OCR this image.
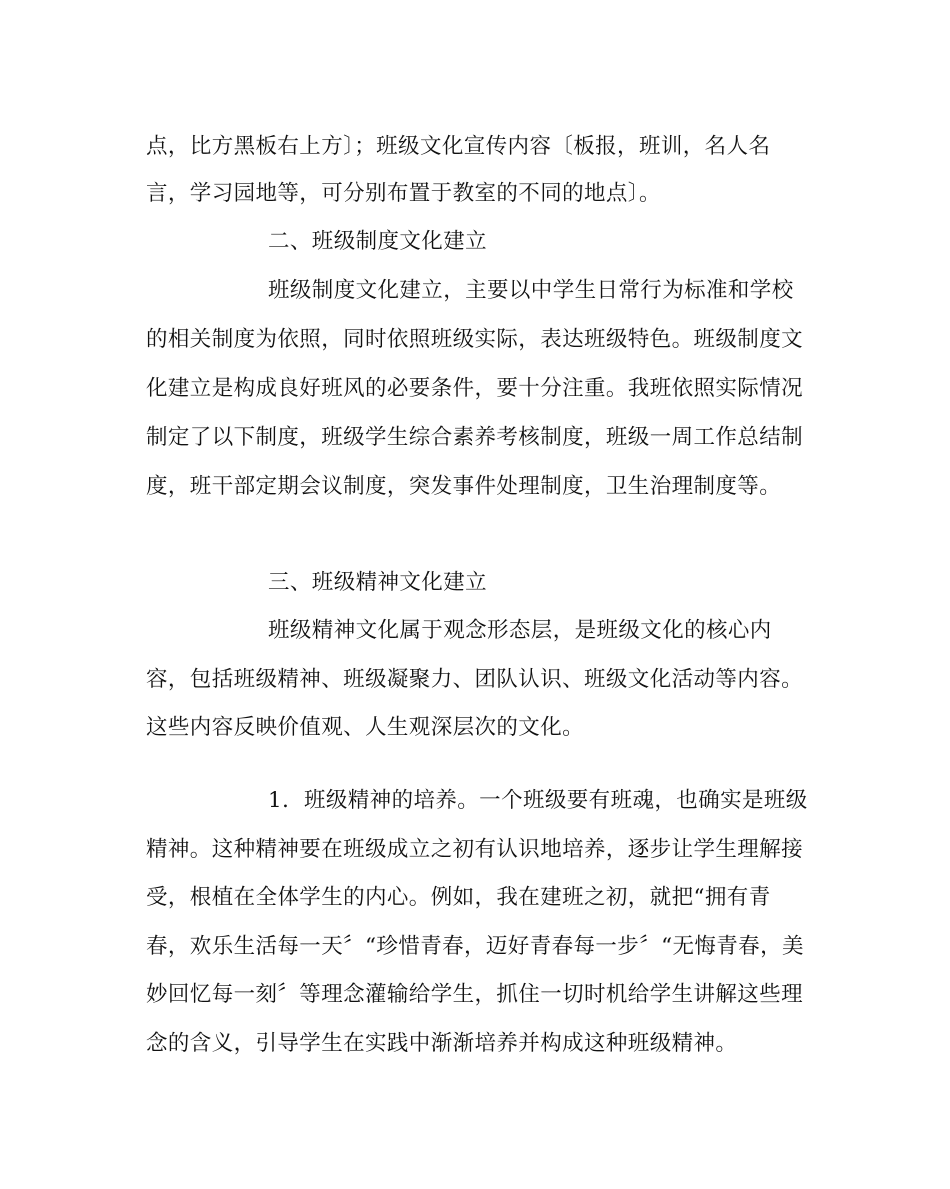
点，比方黑板右上方〕；班级文化宣传内容〔板报，班训，名人名
言，学习园地等，可分别布置于教室的不同的地点〕。
二、班级制度文化建立
班级制度文化建立，主要以中学生日常行为标准和学校
的相关制度为依照，同时依照班级实际，表达班级特色。班级制度文
化建立是构成良好班风的必要条件，要十分注重。我班依照实际情况
制定了以下制度，班级学生综合素养考核制度，班级一周工作总结制
度，班干部定期会议制度，突发事件处理制度，卫生治理制度等。
三、班级精神文化建立
班级精神文化属于观念形态层，是班级文化的核心内
容，包括班级精神、班级凝聚力、团队认识、班级文化活动等内容。
这些内容反映价值观、人生观深层次的文化。
1．班级精神的培养。一个班级要有班魂，也确实是班级
精神。这种精神要在班级成立之初有认识地培养，逐步让学生理解接
受，根植在全体学生的内心。例如，我在建班之初，就把“拥有青
春，欢乐生活每一天〞“珍惜青春，迈好青春每一步〞“无悔青春，美
妙回忆每一刻〞等理念灌输给学生，抓住一切时机给学生讲解这些理
念的含义，引导学生在实践中渐渐培养并构成这种班级精神。
